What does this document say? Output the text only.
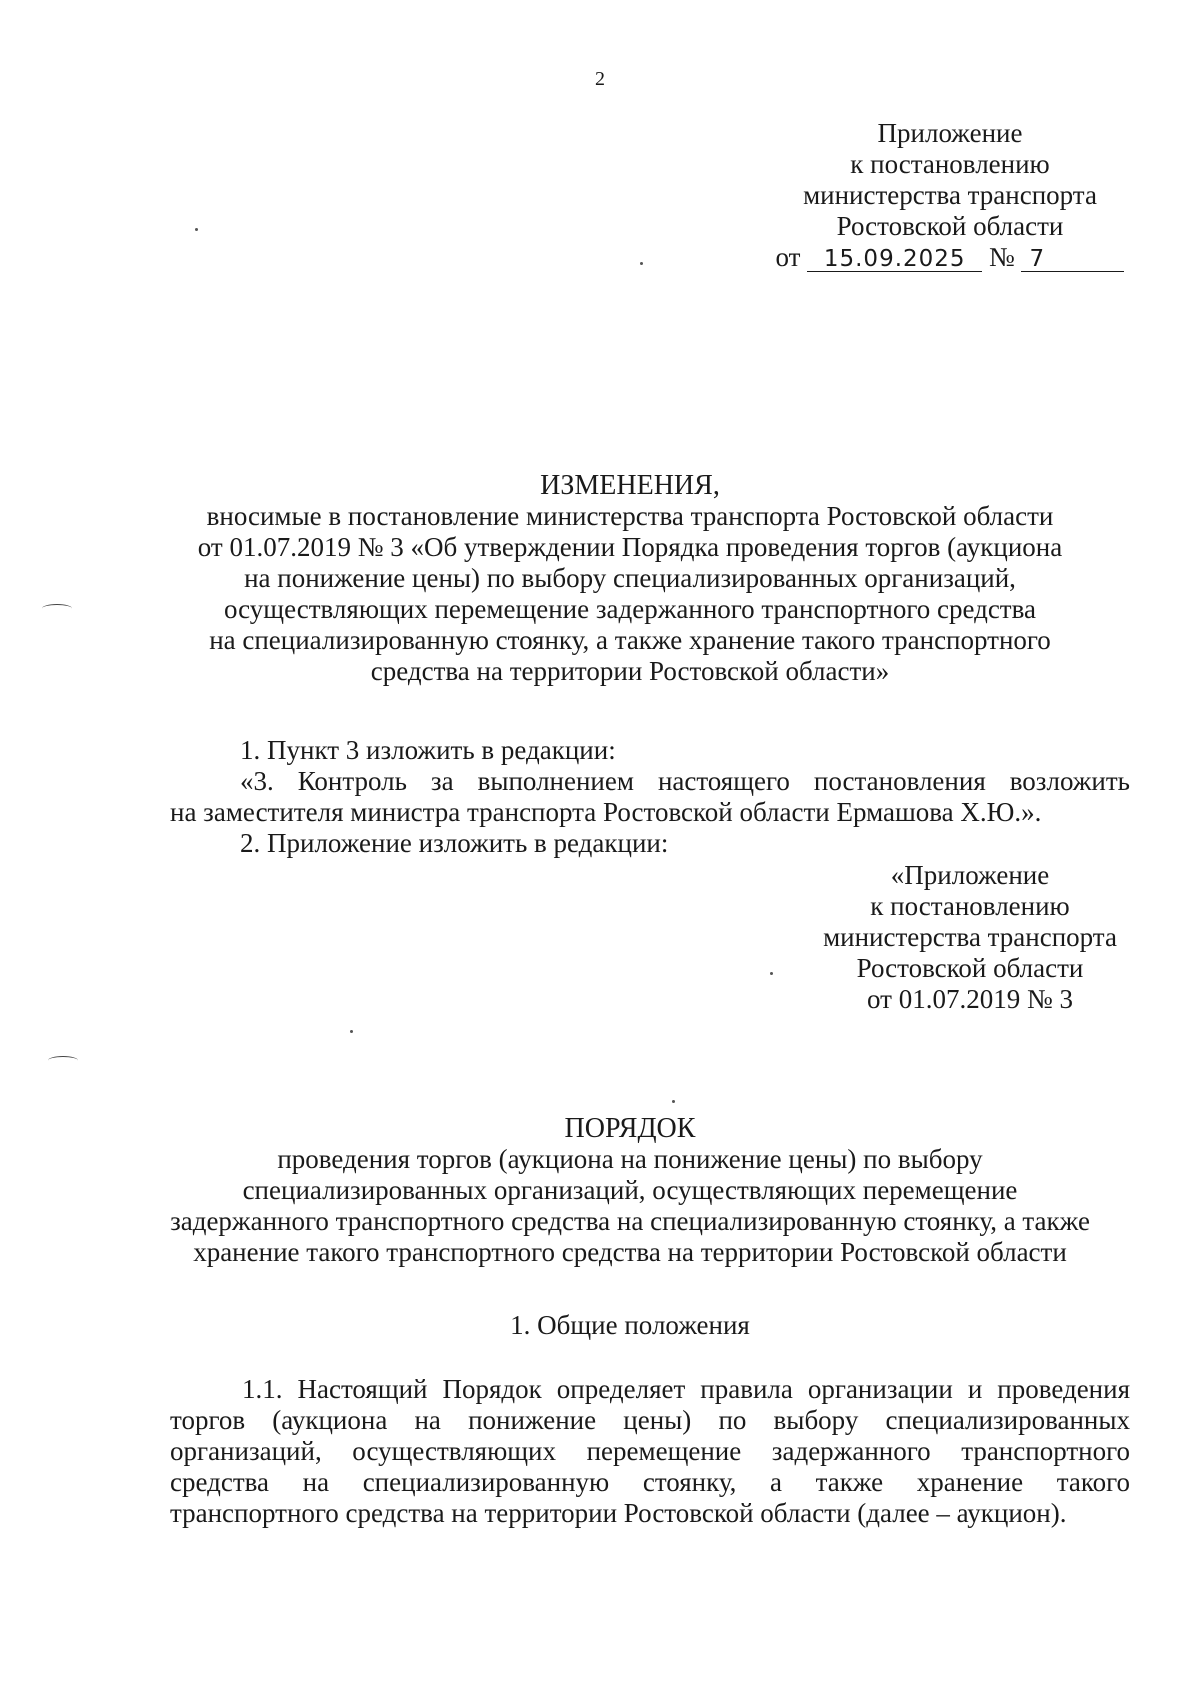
2
Приложение
к постановлению
министерства транспорта
Ростовской области
от 15.09.2025 № 7
ИЗМЕНЕНИЯ,
вносимые в постановление министерства транспорта Ростовской области
от 01.07.2019 № 3 «Об утверждении Порядка проведения торгов (аукциона
на понижение цены) по выбору специализированных организаций,
осуществляющих перемещение задержанного транспортного средства
на специализированную стоянку, а также хранение такого транспортного
средства на территории Ростовской области»
1. Пункт 3 изложить в редакции:
«3. Контроль за выполнением настоящего постановления возложить
на заместителя министра транспорта Ростовской области Ермашова Х.Ю.».
2. Приложение изложить в редакции:
«Приложение
к постановлению
министерства транспорта
Ростовской области
от 01.07.2019 № 3
ПОРЯДОК
проведения торгов (аукциона на понижение цены) по выбору
специализированных организаций, осуществляющих перемещение
задержанного транспортного средства на специализированную стоянку, а также
хранение такого транспортного средства на территории Ростовской области
1. Общие положения
1.1. Настоящий Порядок определяет правила организации и проведения
торгов (аукциона на понижение цены) по выбору специализированных
организаций, осуществляющих перемещение задержанного транспортного
средства на специализированную стоянку, а также хранение такого
транспортного средства на территории Ростовской области (далее – аукцион).
